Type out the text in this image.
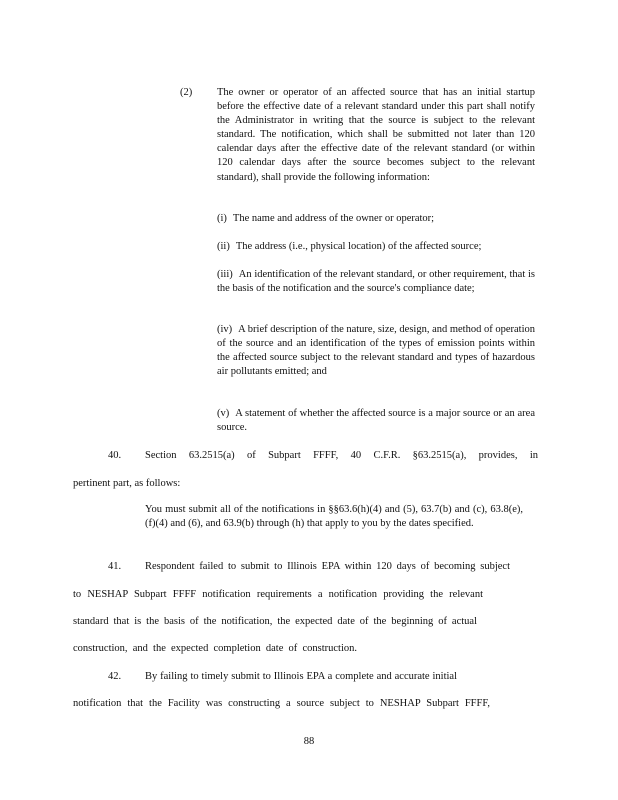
(2) The owner or operator of an affected source that has an initial startup before the effective date of a relevant standard under this part shall notify the Administrator in writing that the source is subject to the relevant standard. The notification, which shall be submitted not later than 120 calendar days after the effective date of the relevant standard (or within 120 calendar days after the source becomes subject to the relevant standard), shall provide the following information:
(i) The name and address of the owner or operator;
(ii) The address (i.e., physical location) of the affected source;
(iii) An identification of the relevant standard, or other requirement, that is the basis of the notification and the source's compliance date;
(iv) A brief description of the nature, size, design, and method of operation of the source and an identification of the types of emission points within the affected source subject to the relevant standard and types of hazardous air pollutants emitted; and
(v) A statement of whether the affected source is a major source or an area source.
40. Section 63.2515(a) of Subpart FFFF, 40 C.F.R. §63.2515(a), provides, in
pertinent part, as follows:
You must submit all of the notifications in §§63.6(h)(4) and (5), 63.7(b) and (c), 63.8(e), (f)(4) and (6), and 63.9(b) through (h) that apply to you by the dates specified.
41. Respondent failed to submit to Illinois EPA within 120 days of becoming subject
to NESHAP Subpart FFFF notification requirements a notification providing the relevant
standard that is the basis of the notification, the expected date of the beginning of actual
construction, and the expected completion date of construction.
42. By failing to timely submit to Illinois EPA a complete and accurate initial
notification that the Facility was constructing a source subject to NESHAP Subpart FFFF,
88
